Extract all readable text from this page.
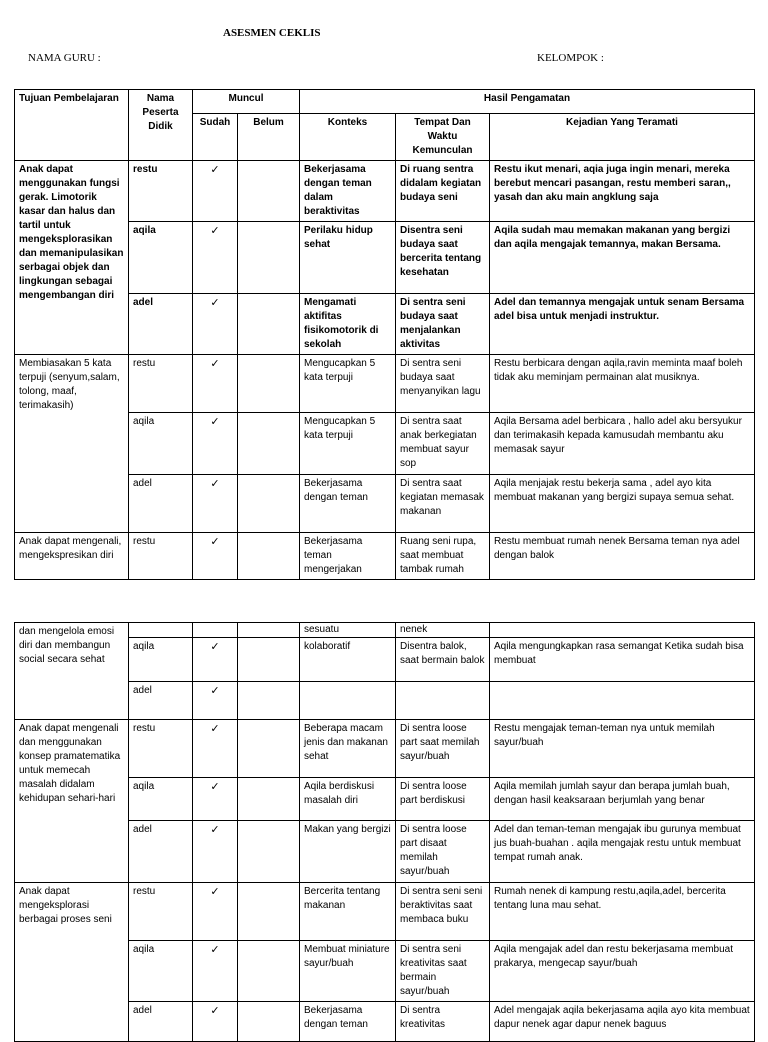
ASESMEN CEKLIS
NAMA GURU :	KELOMPOK :
Tujuan Pembelajaran	Nama Peserta Didik	Muncul		Hasil Pengamatan		
		Sudah	Belum	Konteks	Tempat Dan Waktu Kemunculan	Kejadian Yang Teramati
Anak dapat menggunakan fungsi gerak. Limotorik kasar dan halus dan tartil untuk mengeksplorasikan dan memanipulasikan serbagai objek dan lingkungan sebagai mengembangan diri	restu	✓		Bekerjasama dengan teman dalam beraktivitas	Di ruang sentra didalam kegiatan budaya seni	Restu ikut menari, aqia juga ingin menari, mereka berebut mencari pasangan, restu memberi saran,, yasah dan aku main angklung saja
	aqila	✓		Perilaku hidup sehat	Disentra seni budaya saat bercerita tentang kesehatan	Aqila sudah mau memakan makanan yang bergizi dan aqila mengajak temannya, makan Bersama.
	adel	✓		Mengamati aktifitas fisikomotorik di sekolah	Di sentra seni budaya saat menjalankan aktivitas	Adel dan temannya mengajak untuk senam Bersama adel bisa untuk menjadi instruktur.
Membiasakan 5 kata terpuji (senyum,salam, tolong, maaf, terimakasih)	restu	✓		Mengucapkan 5 kata terpuji	Di sentra seni budaya saat menyanyikan lagu	Restu berbicara dengan aqila,ravin meminta maaf boleh tidak aku meminjam permainan alat musiknya.
	aqila	✓		Mengucapkan 5 kata terpuji	Di sentra saat anak berkegiatan membuat sayur sop	Aqila Bersama adel berbicara , hallo adel aku bersyukur dan terimakasih kepada kamusudah membantu aku memasak sayur
	adel	✓		Bekerjasama dengan teman	Di sentra saat kegiatan memasak makanan	Aqila menjajak restu bekerja sama , adel ayo kita membuat makanan yang bergizi supaya semua sehat.
Anak dapat mengenali, mengekspresikan diri	restu	✓		Bekerjasama teman mengerjakan	Ruang seni rupa, saat membuat tambak rumah	Restu membuat rumah nenek Bersama teman nya adel dengan balok
dan mengelola emosi diri dan membangun social secara sehat				sesuatu	nenek	
	aqila	✓		kolaboratif	Disentra balok, saat bermain balok	Aqila mengungkapkan rasa semangat Ketika sudah bisa membuat
	adel	✓				
Anak dapat mengenali dan menggunakan konsep pramatematika untuk memecah masalah didalam kehidupan sehari-hari	restu	✓		Beberapa macam jenis dan makanan sehat	Di sentra loose part saat memilah sayur/buah	Restu mengajak teman-teman nya untuk memilah sayur/buah
	aqila	✓		Aqila berdiskusi masalah diri	Di sentra loose part berdiskusi	Aqila memilah jumlah sayur dan berapa jumlah buah, dengan hasil keaksaraan berjumlah yang benar
	adel	✓		Makan yang bergizi	Di sentra loose part disaat memilah sayur/buah	Adel dan teman-teman mengajak ibu gurunya membuat jus buah-buahan . aqila mengajak restu untuk membuat tempat rumah anak.
Anak dapat mengeksplorasi berbagai proses seni	restu	✓		Bercerita tentang makanan	Di sentra seni seni beraktivitas saat membaca buku	Rumah nenek di kampung restu,aqila,adel, bercerita tentang luna mau sehat.
	aqila	✓		Membuat miniature sayur/buah	Di sentra seni kreativitas saat bermain sayur/buah	Aqila mengajak adel dan restu bekerjasama membuat prakarya, mengecap sayur/buah
	adel	✓		Bekerjasama dengan teman	Di sentra kreativitas	Adel mengajak aqila bekerjasama aqila ayo kita membuat dapur nenek agar dapur nenek baguus
